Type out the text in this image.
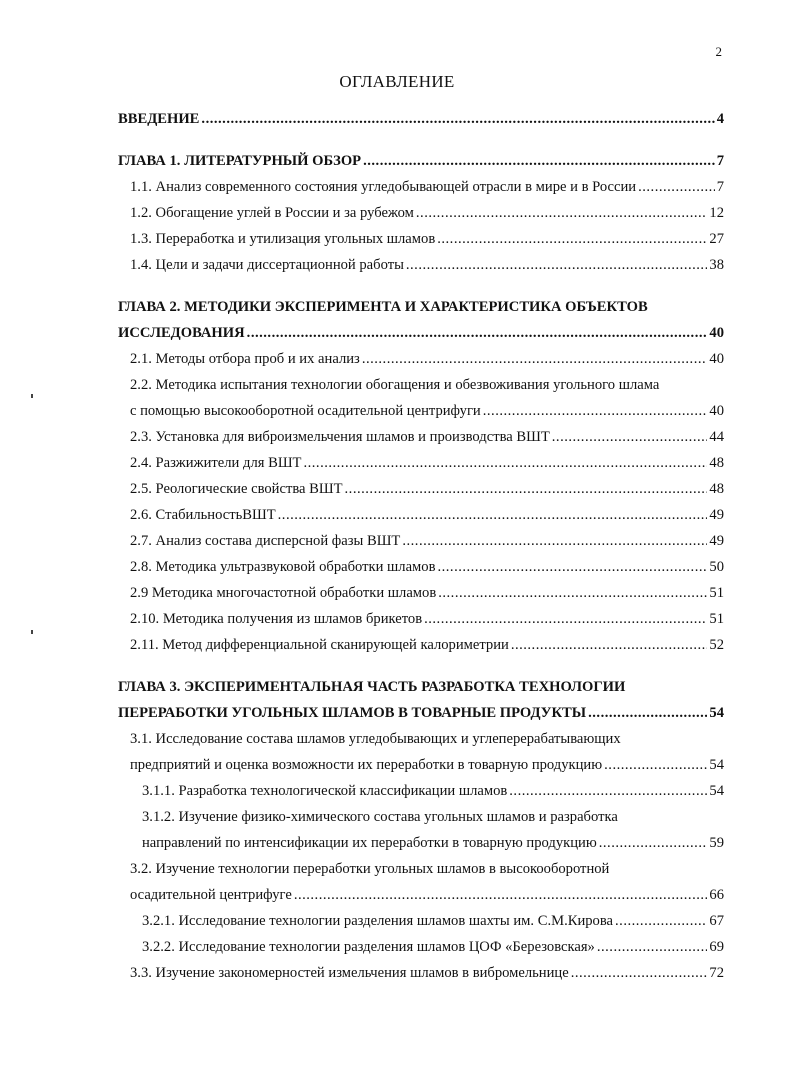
2
ОГЛАВЛЕНИЕ
ВВЕДЕНИЕ .....	4
ГЛАВА 1. ЛИТЕРАТУРНЫЙ ОБЗОР .....	7
1.1. Анализ современного состояния угледобывающей отрасли в мире и в России .....	7
1.2. Обогащение углей в России и за рубежом .....	12
1.3. Переработка и утилизация угольных шламов .....	27
1.4. Цели и задачи диссертационной работы .....	38
ГЛАВА 2. МЕТОДИКИ ЭКСПЕРИМЕНТА И ХАРАКТЕРИСТИКА ОБЪЕКТОВ
ИССЛЕДОВАНИЯ .....	40
2.1. Методы отбора проб и их анализ .....	40
2.2. Методика испытания технологии обогащения и обезвоживания угольного шлама
с помощью высокооборотной осадительной центрифуги .....	40
2.3. Установка для виброизмельчения шламов и производства ВШТ .....	44
2.4. Разжижители для ВШТ .....	48
2.5. Реологические свойства ВШТ .....	48
2.6. СтабильностьВШТ .....	49
2.7. Анализ состава дисперсной фазы ВШТ .....	49
2.8. Методика ультразвуковой обработки шламов .....	50
2.9 Методика многочастотной обработки шламов .....	51
2.10. Методика получения из шламов брикетов .....	51
2.11. Метод дифференциальной сканирующей калориметрии .....	52
ГЛАВА 3. ЭКСПЕРИМЕНТАЛЬНАЯ ЧАСТЬ РАЗРАБОТКА ТЕХНОЛОГИИ
ПЕРЕРАБОТКИ УГОЛЬНЫХ ШЛАМОВ В ТОВАРНЫЕ ПРОДУКТЫ .....	54
3.1. Исследование состава шламов угледобывающих и углеперерабатывающих
предприятий и оценка возможности их переработки в товарную продукцию .....	54
3.1.1. Разработка технологической классификации шламов .....	54
3.1.2. Изучение физико-химического состава угольных шламов и разработка
направлений по интенсификации их переработки в товарную продукцию .....	59
3.2. Изучение технологии переработки угольных шламов в высокооборотной
осадительной центрифуге .....	66
3.2.1. Исследование технологии разделения шламов шахты им. С.М.Кирова .....	67
3.2.2. Исследование технологии разделения шламов ЦОФ «Березовская» .....	69
3.3. Изучение закономерностей измельчения шламов в вибромельнице .....	72
